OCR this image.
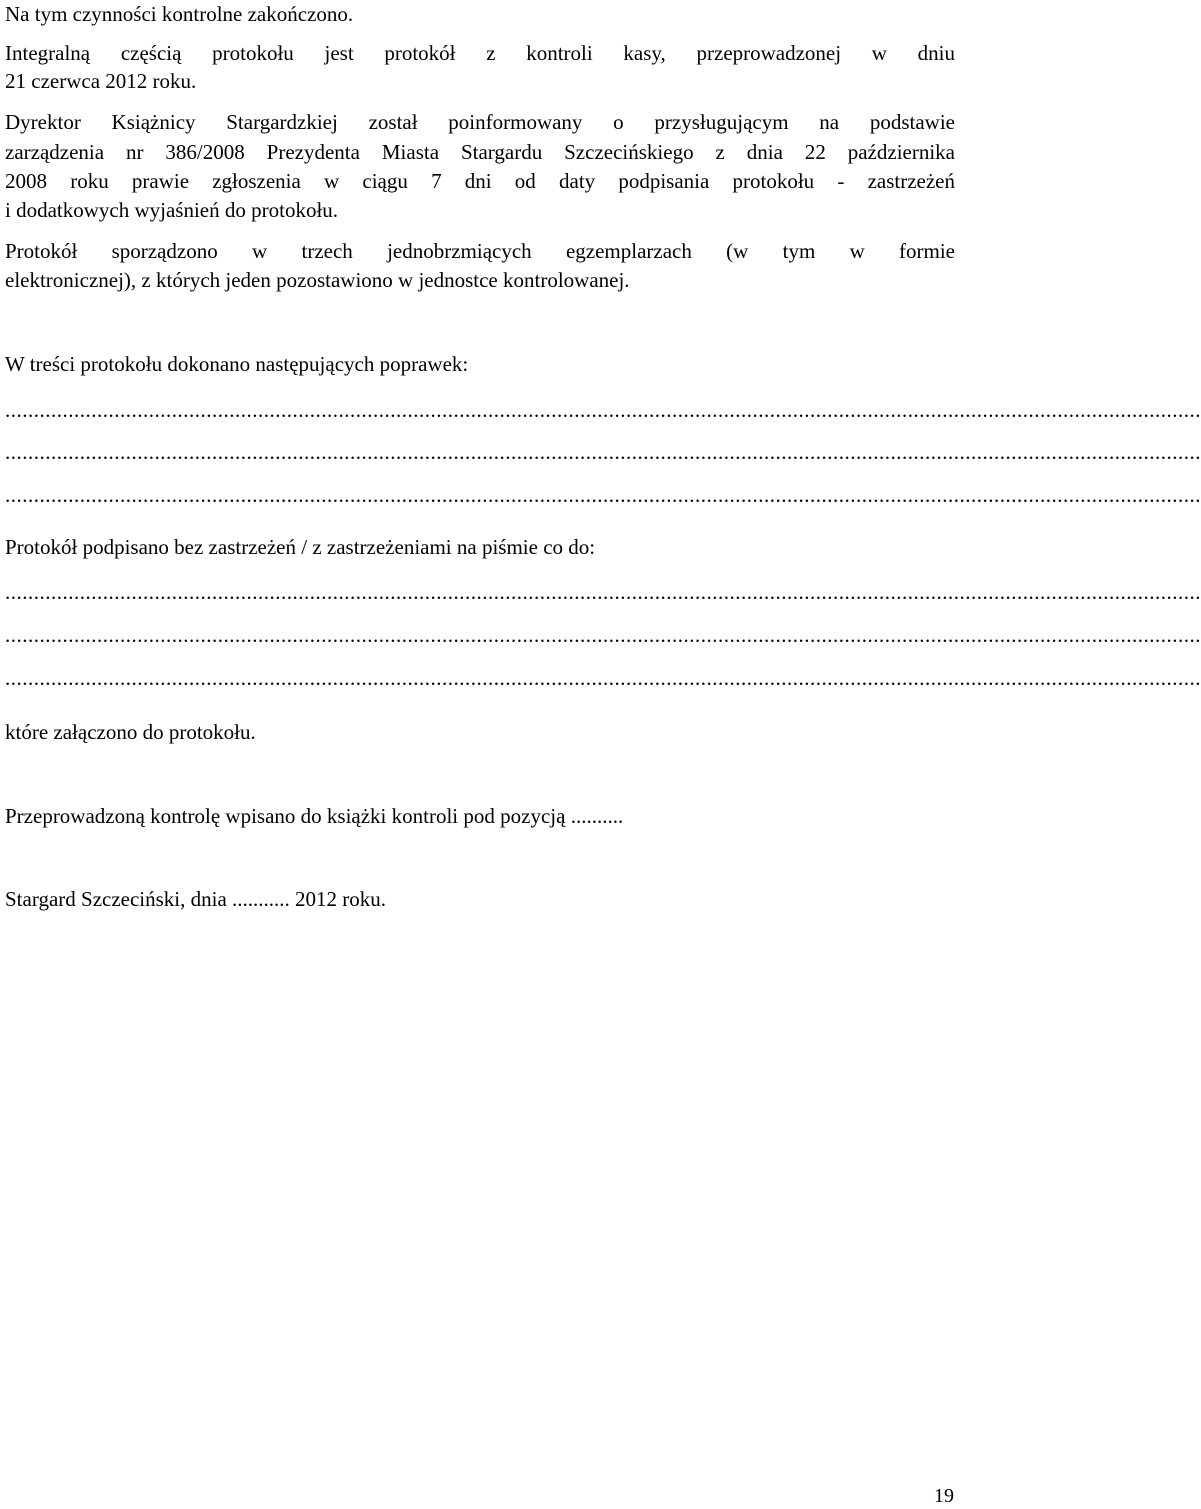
Na tym czynności kontrolne zakończono.
Integralną częścią protokołu jest protokół z kontroli kasy, przeprowadzonej w dniu
21 czerwca 2012 roku.
Dyrektor Książnicy Stargardzkiej został poinformowany o przysługującym na podstawie
zarządzenia nr 386/2008 Prezydenta Miasta Stargardu Szczecińskiego z dnia 22 października
2008 roku prawie zgłoszenia w ciągu 7 dni od daty podpisania protokołu - zastrzeżeń
i dodatkowych wyjaśnień do protokołu.
Protokół sporządzono w trzech jednobrzmiących egzemplarzach (w tym w formie
elektronicznej), z których jeden pozostawiono w jednostce kontrolowanej.
W treści protokołu dokonano następujących poprawek:
................................................................................................................................................................................................................
................................................................................................................................................................................................................
................................................................................................................................................................................................................
Protokół podpisano bez zastrzeżeń / z zastrzeżeniami na piśmie co do:
................................................................................................................................................................................................................
................................................................................................................................................................................................................
................................................................................................................................................................................................................
które załączono do protokołu.
Przeprowadzoną kontrolę wpisano do książki kontroli pod pozycją ..........
Stargard Szczeciński, dnia ........... 2012 roku.
19
